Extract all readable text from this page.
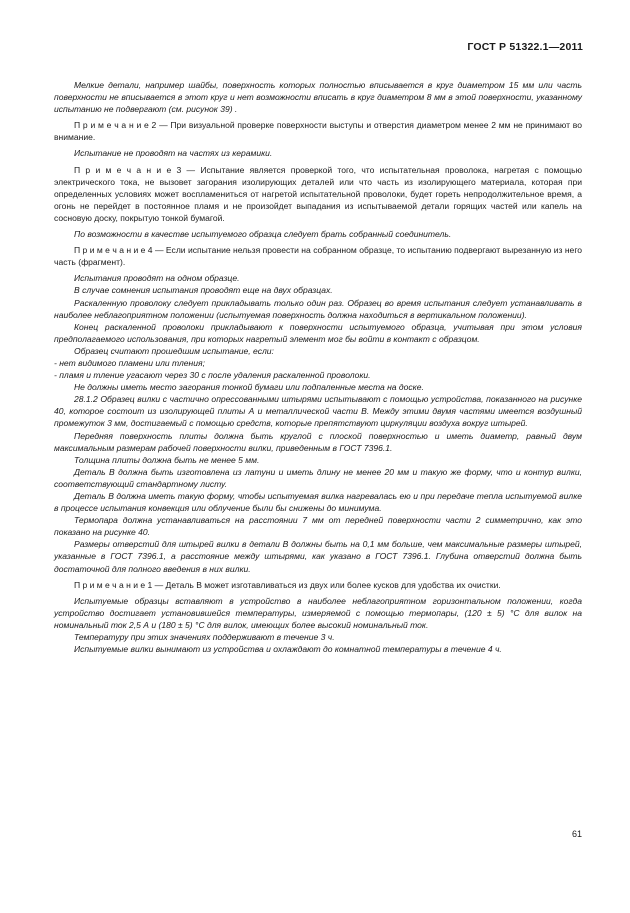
ГОСТ Р 51322.1—2011

Мелкие детали, например шайбы, поверхность которых полностью вписывается в круг диаметром 15 мм или часть поверхности не вписывается в этот круг и нет возможности вписать в круг диаметром 8 мм в этой поверхности, указанному испытанию не подвергают (см. рисунок 39) .

П р и м е ч а н и е 2 — При визуальной проверке поверхности выступы и отверстия диаметром менее 2 мм не принимают во внимание.

Испытание не проводят на частях из керамики.

П р и м е ч а н и е 3 — Испытание является проверкой того, что испытательная проволока, нагретая с помощью электрического тока, не вызовет загорания изолирующих деталей или что часть из изолирующего материала, которая при определенных условиях может воспламениться от нагретой испытательной проволоки, будет гореть непродолжительное время, а огонь не перейдет в постоянное пламя и не произойдет выпадания из испытываемой детали горящих частей или капель на сосновую доску, покрытую тонкой бумагой.

По возможности в качестве испытуемого образца следует брать собранный соединитель.

П р и м е ч а н и е 4 — Если испытание нельзя провести на собранном образце, то испытанию подвергают вырезанную из него часть (фрагмент).

Испытания проводят на одном образце.

В случае сомнения испытания проводят еще на двух образцах.

Раскаленную проволоку следует прикладывать только один раз. Образец во время испытания следует устанавливать в наиболее неблагоприятном положении (испытуемая поверхность должна находиться в вертикальном положении).

Конец раскаленной проволоки прикладывают к поверхности испытуемого образца, учитывая при этом условия предполагаемого использования, при которых нагретый элемент мог бы войти в контакт с образцом.

Образец считают прошедшим испытание, если:

- нет видимого пламени или тления;

- пламя и тление угасают через 30 с после удаления раскаленной проволоки.

Не должны иметь место загорания тонкой бумаги или подпаленные места на доске.

28.1.2 Образец вилки с частично опрессованными штырями испытывают с помощью устройства, показанного на рисунке 40, которое состоит из изолирующей плиты А и металлической части В. Между этими двумя частями имеется воздушный промежуток 3 мм, достигаемый с помощью средств, которые препятствуют циркуляции воздуха вокруг штырей.

Передняя поверхность плиты должна быть круглой с плоской поверхностью и иметь диаметр, равный двум максимальным размерам рабочей поверхности вилки, приведенным в ГОСТ 7396.1.

Толщина плиты должна быть не менее 5 мм.

Деталь В должна быть изготовлена из латуни и иметь длину не менее 20 мм и такую же форму, что и контур вилки, соответствующий стандартному листу.

Деталь В должна иметь такую форму, чтобы испытуемая вилка нагревалась ею и при передаче тепла испытуемой вилке в процессе испытания конвекция или облучение были бы снижены до минимума.

Термопара должна устанавливаться на расстоянии 7 мм от передней поверхности части 2 симметрично, как это показано на рисунке 40.

Размеры отверстий для штырей вилки в детали В должны быть на 0,1 мм больше, чем максимальные размеры штырей, указанные в ГОСТ 7396.1, а расстояние между штырями, как указано в ГОСТ 7396.1. Глубина отверстий должна быть достаточной для полного введения в них вилки.

П р и м е ч а н и е 1 — Деталь В может изготавливаться из двух или более кусков для удобства их очистки.

Испытуемые образцы вставляют в устройство в наиболее неблагоприятном горизонтальном положении, когда устройство достигает установившейся температуры, измеряемой с помощью термопары, (120 ± 5) °С для вилок на номинальный ток 2,5 А и (180 ± 5) °С для вилок, имеющих более высокий номинальный ток.

Температуру при этих значениях поддерживают в течение 3 ч.

Испытуемые вилки вынимают из устройства и охлаждают до комнатной температуры в течение 4 ч.

61
